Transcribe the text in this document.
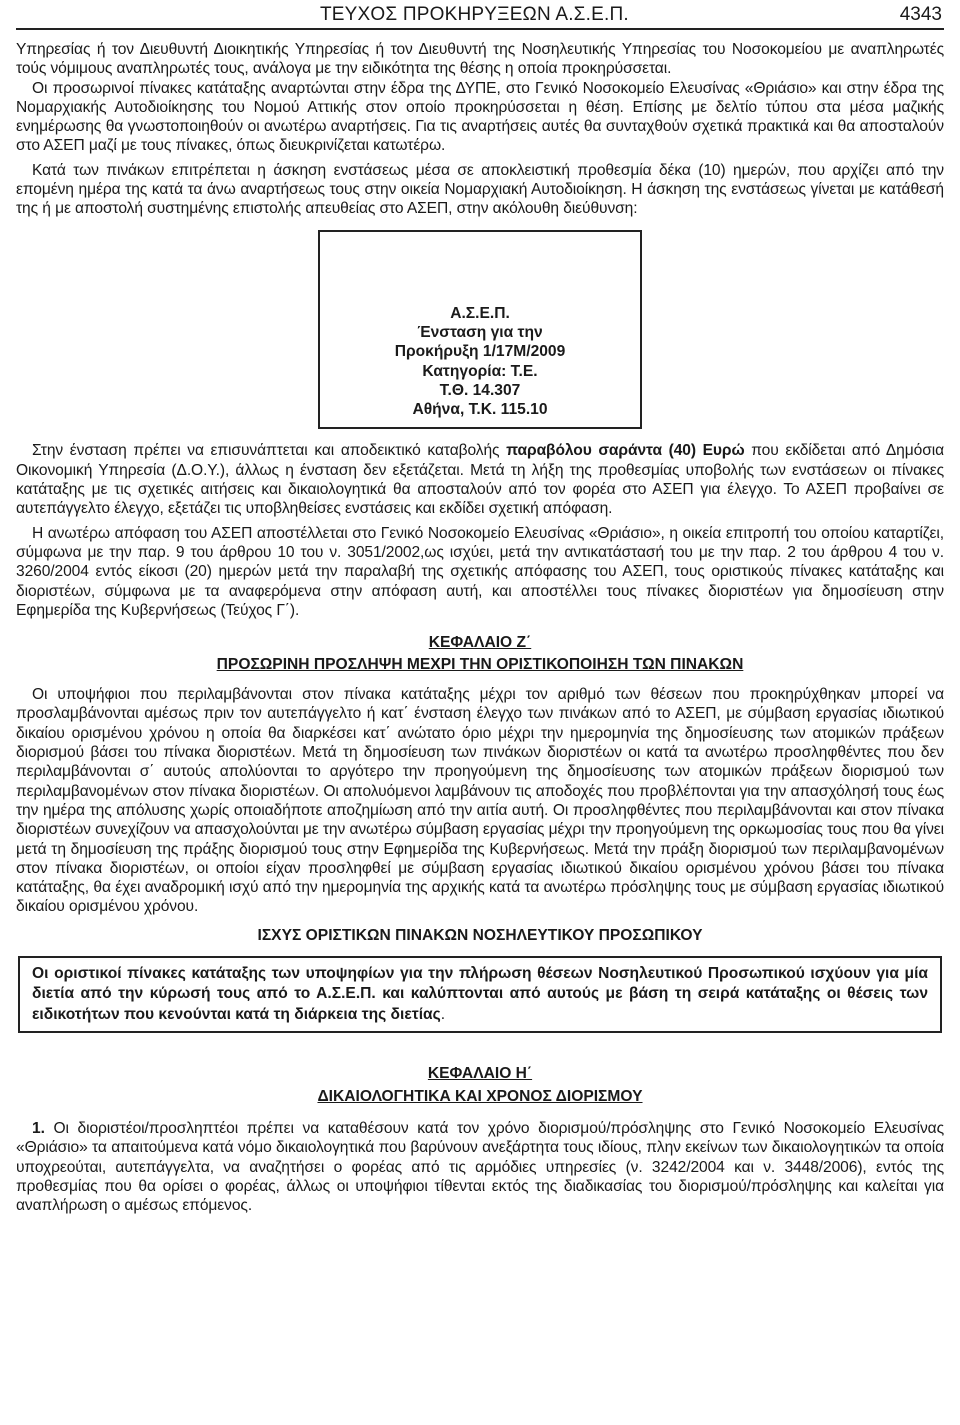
ΤΕΥΧΟΣ ΠΡΟΚΗΡΥΞΕΩΝ Α.Σ.Ε.Π.	4343

Υπηρεσίας ή τον Διευθυντή Διοικητικής Υπηρεσίας ή τον Διευθυντή της Νοσηλευτικής Υπηρεσίας του Νοσοκομείου με αναπληρωτές τούς νόμιμους αναπληρωτές τους, ανάλογα με την ειδικότητα της θέσης η οποία προκηρύσσεται.

Οι προσωρινοί πίνακες κατάταξης αναρτώνται στην έδρα της ΔΥΠΕ, στο Γενικό Νοσοκομείο Ελευσίνας «Θριάσιο» και στην έδρα της Νομαρχιακής Αυτοδιοίκησης του Νομού Αττικής στον οποίο προκηρύσσεται η θέση. Επίσης με δελτίο τύπου στα μέσα μαζικής ενημέρωσης θα γνωστοποιηθούν οι ανωτέρω αναρτήσεις. Για τις αναρτήσεις αυτές θα συνταχθούν σχετικά πρακτικά και θα αποσταλούν στο ΑΣΕΠ μαζί με τους πίνακες, όπως διευκρινίζεται κατωτέρω.

Κατά των πινάκων επιτρέπεται η άσκηση ενστάσεως μέσα σε αποκλειστική προθεσμία δέκα (10) ημερών, που αρχίζει από την επομένη ημέρα της κατά τα άνω αναρτήσεως τους στην οικεία Νομαρχιακή Αυτοδιοίκηση. Η άσκηση της ενστάσεως γίνεται με κατάθεσή της ή με αποστολή συστημένης επιστολής απευθείας στο ΑΣΕΠ, στην ακόλουθη διεύθυνση:

Α.Σ.Ε.Π.
Ένσταση για την
Προκήρυξη 1/17Μ/2009
Κατηγορία: Τ.Ε.
Τ.Θ. 14.307
Αθήνα, Τ.Κ. 115.10

Στην ένσταση πρέπει να επισυνάπτεται και αποδεικτικό καταβολής παραβόλου σαράντα (40) Ευρώ που εκδίδεται από Δημόσια Οικονομική Υπηρεσία (Δ.Ο.Υ.), άλλως η ένσταση δεν εξετάζεται. Μετά τη λήξη της προθεσμίας υποβολής των ενστάσεων οι πίνακες κατάταξης με τις σχετικές αιτήσεις και δικαιολογητικά θα αποσταλούν από τον φορέα στο ΑΣΕΠ για έλεγχο. Το ΑΣΕΠ προβαίνει σε αυτεπάγγελτο έλεγχο, εξετάζει τις υποβληθείσες ενστάσεις και εκδίδει σχετική απόφαση.

Η ανωτέρω απόφαση του ΑΣΕΠ αποστέλλεται στο Γενικό Νοσοκομείο Ελευσίνας «Θριάσιο», η οικεία επιτροπή του οποίου καταρτίζει, σύμφωνα με την παρ. 9 του άρθρου 10 του ν. 3051/2002,ως ισχύει, μετά την αντικατάστασή του με την παρ. 2 του άρθρου 4 του ν. 3260/2004 εντός είκοσι (20) ημερών μετά την παραλαβή της σχετικής απόφασης του ΑΣΕΠ, τους οριστικούς πίνακες κατάταξης και διοριστέων, σύμφωνα με τα αναφερόμενα στην απόφαση αυτή, και αποστέλλει τους πίνακες διοριστέων για δημοσίευση στην Εφημερίδα της Κυβερνήσεως (Τεύχος Γ΄).

ΚΕΦΑΛΑΙΟ Ζ΄
ΠΡΟΣΩΡΙΝΗ ΠΡΟΣΛΗΨΗ ΜΕΧΡΙ ΤΗΝ ΟΡΙΣΤΙΚΟΠΟΙΗΣΗ ΤΩΝ ΠΙΝΑΚΩΝ

Οι υποψήφιοι που περιλαμβάνονται στον πίνακα κατάταξης μέχρι τον αριθμό των θέσεων που προκηρύχθηκαν μπορεί να προσλαμβάνονται αμέσως πριν τον αυτεπάγγελτο ή κατ΄ ένσταση έλεγχο των πινάκων από το ΑΣΕΠ, με σύμβαση εργασίας ιδιωτικού δικαίου ορισμένου χρόνου η οποία θα διαρκέσει κατ΄ ανώτατο όριο μέχρι την ημερομηνία της δημοσίευσης των ατομικών πράξεων διορισμού βάσει του πίνακα διοριστέων. Μετά τη δημοσίευση των πινάκων διοριστέων οι κατά τα ανωτέρω προσληφθέντες που δεν περιλαμβάνονται σ΄ αυτούς απολύονται το αργότερο την προηγούμενη της δημοσίευσης των ατομικών πράξεων διορισμού των περιλαμβανομένων στον πίνακα διοριστέων. Οι απολυόμενοι λαμβάνουν τις αποδοχές που προβλέπονται για την απασχόλησή τους έως την ημέρα της απόλυσης χωρίς οποιαδήποτε αποζημίωση από την αιτία αυτή. Οι προσληφθέντες που περιλαμβάνονται και στον πίνακα διοριστέων συνεχίζουν να απασχολούνται με την ανωτέρω σύμβαση εργασίας μέχρι την προηγούμενη της ορκωμοσίας τους που θα γίνει μετά τη δημοσίευση της πράξης διορισμού τους στην Εφημερίδα της Κυβερνήσεως. Μετά την πράξη διορισμού των περιλαμβανομένων στον πίνακα διοριστέων, οι οποίοι είχαν προσληφθεί με σύμβαση εργασίας ιδιωτικού δικαίου ορισμένου χρόνου βάσει του πίνακα κατάταξης, θα έχει αναδρομική ισχύ από την ημερομηνία της αρχικής κατά τα ανωτέρω πρόσληψης τους με σύμβαση εργασίας ιδιωτικού δικαίου ορισμένου χρόνου.

ΙΣΧΥΣ ΟΡΙΣΤΙΚΩΝ ΠΙΝΑΚΩΝ ΝΟΣΗΛΕΥΤΙΚΟΥ ΠΡΟΣΩΠΙΚΟΥ
Οι οριστικοί πίνακες κατάταξης των υποψηφίων για την πλήρωση θέσεων Νοσηλευτικού Προσωπικού ισχύουν για μία διετία από την κύρωσή τους από το Α.Σ.Ε.Π. και καλύπτονται από αυτούς με βάση τη σειρά κατάταξης οι θέσεις των ειδικοτήτων που κενούνται κατά τη διάρκεια της διετίας.
ΚΕΦΑΛΑΙΟ Η΄
ΔΙΚΑΙΟΛΟΓΗΤΙΚΑ ΚΑΙ ΧΡΟΝΟΣ ΔΙΟΡΙΣΜΟΥ

1. Οι διοριστέοι/προσληπτέοι πρέπει να καταθέσουν κατά τον χρόνο διορισμού/πρόσληψης στο Γενικό Νοσοκομείο Ελευσίνας «Θριάσιο» τα απαιτούμενα κατά νόμο δικαιολογητικά που βαρύνουν ανεξάρτητα τους ιδίους, πλην εκείνων των δικαιολογητικών τα οποία υποχρεούται, αυτεπάγγελτα, να αναζητήσει ο φορέας από τις αρμόδιες υπηρεσίες (ν. 3242/2004 και ν. 3448/2006), εντός της προθεσμίας που θα ορίσει ο φορέας, άλλως οι υποψήφιοι τίθενται εκτός της διαδικασίας του διορισμού/πρόσληψης και καλείται για αναπλήρωση ο αμέσως επόμενος.
